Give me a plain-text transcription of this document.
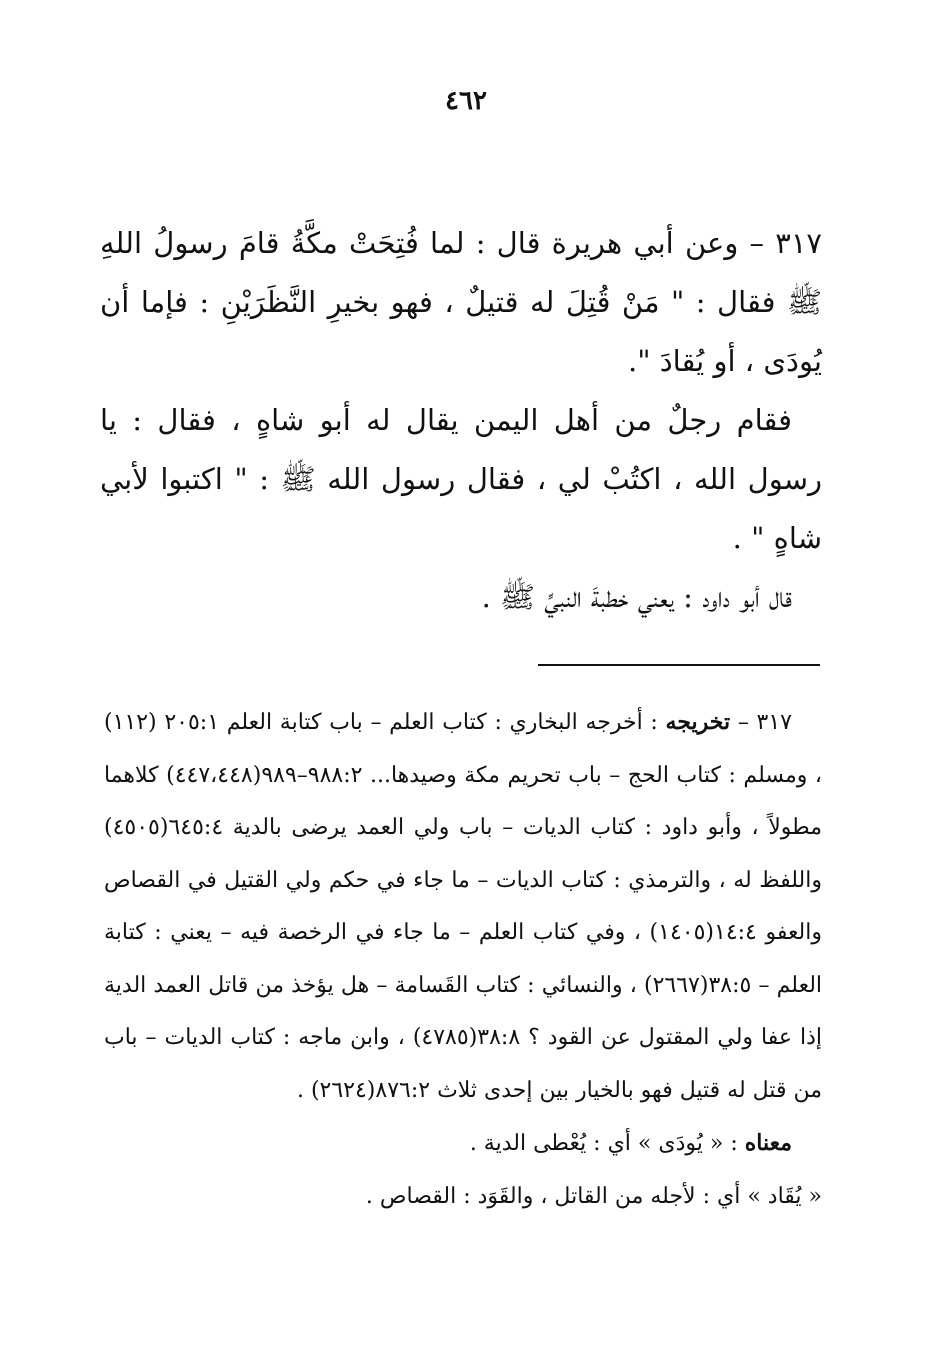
٤٦٢

٣١٧ – وعن أبي هريرة قال : لما فُتِحَتْ مكَّةُ قامَ رسولُ اللهِ ﷺ فقال : " مَنْ قُتِلَ له قتيلٌ ، فهو بخيرِ النَّظَرَيْنِ : فإما أن يُودَى ، أو يُقادَ ".

فقام رجلٌ من أهل اليمن يقال له أبو شاهٍ ، فقال : يا رسول الله ، اكتُبْ لي ، فقال رسول الله ﷺ : " اكتبوا لأبي شاهٍ " .

قال أبو داود : يعني خطبةَ النبيِّ ﷺ .

٣١٧ – تخريجه : أخرجه البخاري : كتاب العلم – باب كتابة العلم ٢٠٥:١ (١١٢) ، ومسلم : كتاب الحج – باب تحريم مكة وصيدها... ٩٨٨:٢–٩٨٩(٤٤٧،٤٤٨) كلاهما مطولاً ، وأبو داود : كتاب الديات – باب ولي العمد يرضى بالدية ٦٤٥:٤(٤٥٠٥) واللفظ له ، والترمذي : كتاب الديات – ما جاء في حكم ولي القتيل في القصاص والعفو ١٤:٤(١٤٠٥) ، وفي كتاب العلم – ما جاء في الرخصة فيه – يعني : كتابة العلم – ٣٨:٥(٢٦٦٧) ، والنسائي : كتاب القَسامة – هل يؤخذ من قاتل العمد الدية إذا عفا ولي المقتول عن القود ؟ ٣٨:٨(٤٧٨٥) ، وابن ماجه : كتاب الديات – باب من قتل له قتيل فهو بالخيار بين إحدى ثلاث ٨٧٦:٢(٢٦٢٤) .

معناه : « يُودَى » أي : يُعْطى الدية .

« يُقَاد » أي : لأجله من القاتل ، والقَوَد : القصاص .
